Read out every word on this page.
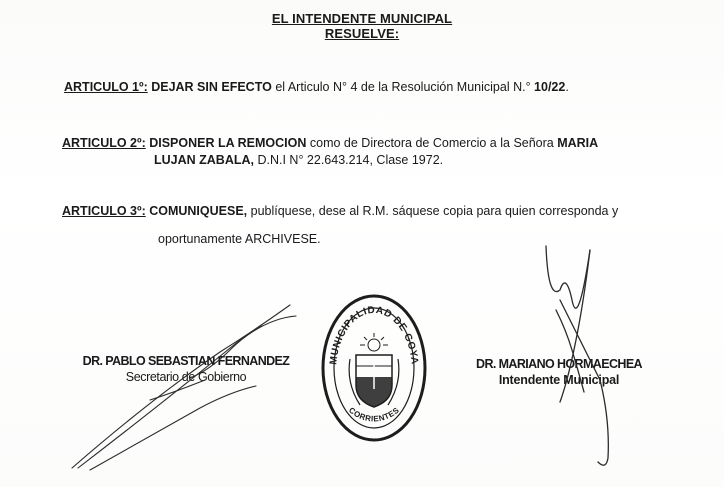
EL INTENDENTE MUNICIPAL
RESUELVE:
ARTICULO 1º: DEJAR SIN EFECTO el Articulo N° 4 de la Resolución Municipal N.° 10/22.
ARTICULO 2º: DISPONER LA REMOCION como de Directora de Comercio a la Señora MARIA
LUJAN ZABALA, D.N.I N° 22.643.214, Clase 1972.
ARTICULO 3º: COMUNIQUESE, publíquese, dese al R.M. sáquese copia para quien corresponda y
oportunamente ARCHIVESE.
DR. PABLO SEBASTIAN FERNANDEZ
Secretario de Gobierno
DR. MARIANO HORMAECHEA
Intendente Municipal
MUNICIPALIDAD DE GOYA
CORRIENTES
